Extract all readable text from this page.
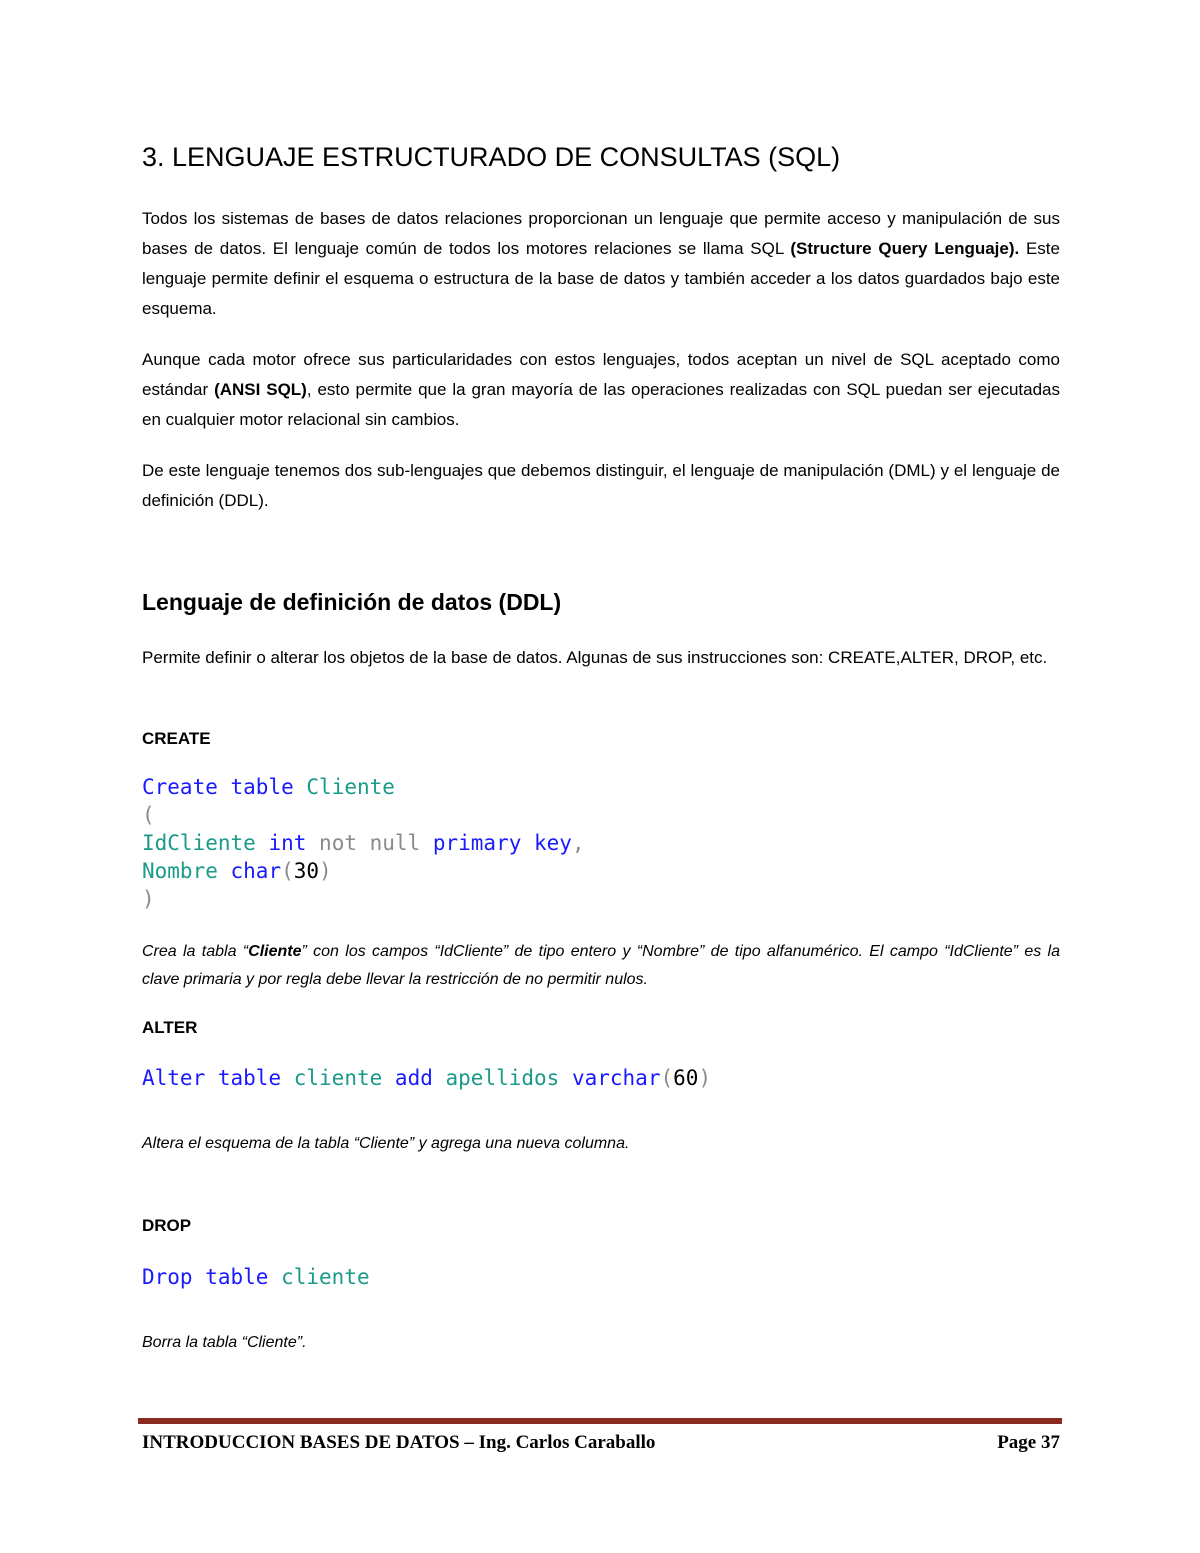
3. LENGUAJE ESTRUCTURADO DE CONSULTAS (SQL)

Todos los sistemas de bases de datos relaciones proporcionan un lenguaje que permite acceso y manipulación de sus bases de datos. El lenguaje común de todos los motores relaciones se llama SQL (Structure Query Lenguaje). Este lenguaje permite definir el esquema o estructura de la base de datos y también acceder a los datos guardados bajo este esquema.

Aunque cada motor ofrece sus particularidades con estos lenguajes, todos aceptan un nivel de SQL aceptado como estándar (ANSI SQL), esto permite que la gran mayoría de las operaciones realizadas con SQL puedan ser ejecutadas en cualquier motor relacional sin cambios.

De este lenguaje tenemos dos sub-lenguajes que debemos distinguir, el lenguaje de manipulación (DML) y el lenguaje de definición (DDL).

Lenguaje de definición de datos (DDL)

Permite definir o alterar los objetos de la base de datos. Algunas de sus instrucciones son: CREATE,ALTER, DROP, etc.

CREATE

Create table Cliente
(
IdCliente int not null primary key,
Nombre char(30)
)

Crea la tabla “Cliente” con los campos “IdCliente” de tipo entero y “Nombre” de tipo alfanumérico. El campo “IdCliente” es la clave primaria y por regla debe llevar la restricción de no permitir nulos.

ALTER

Alter table cliente add apellidos varchar(60)

Altera el esquema de la tabla “Cliente” y agrega una nueva columna.

DROP

Drop table cliente

Borra la tabla “Cliente”.

INTRODUCCION BASES DE DATOS – Ing. Carlos Caraballo	Page 37
